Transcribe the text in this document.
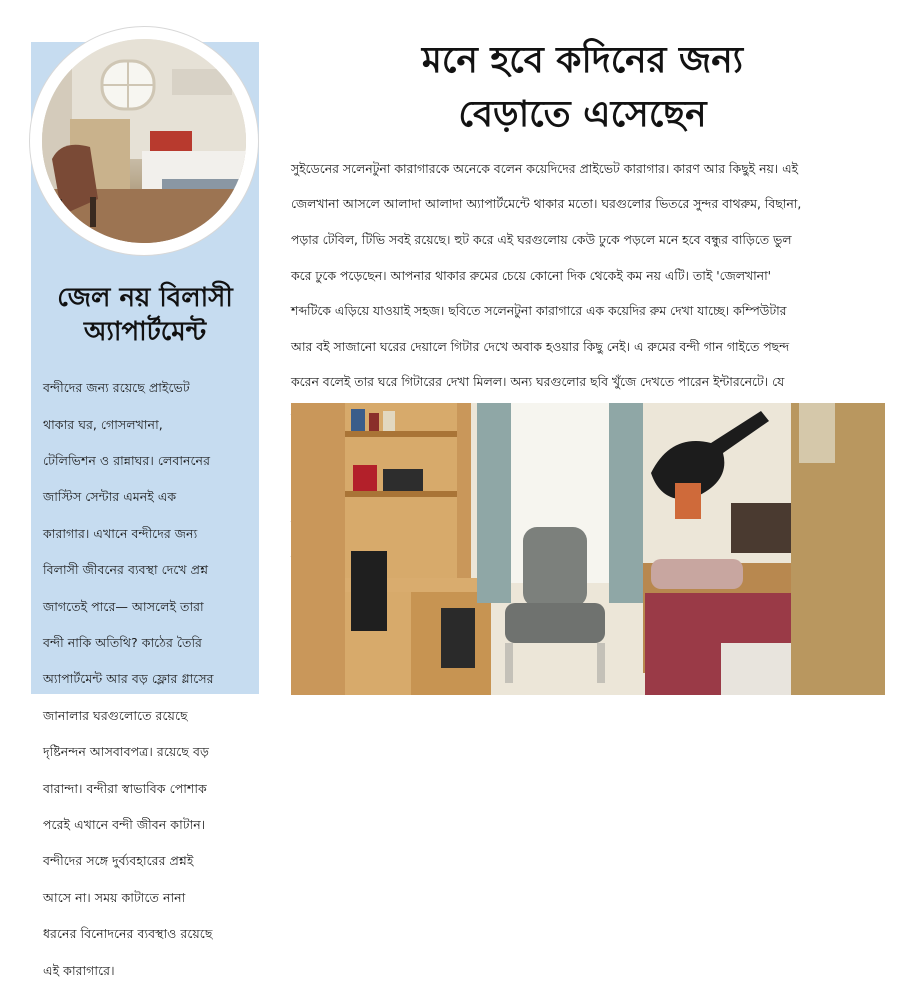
জেল নয় বিলাসী
অ্যাপার্টমেন্ট

বন্দীদের জন্য রয়েছে প্রাইভেট

থাকার ঘর, গোসলখানা,

টেলিভিশন ও রান্নাঘর। লেবাননের

জাস্টিস সেন্টার এমনই এক

কারাগার। এখানে বন্দীদের জন্য

বিলাসী জীবনের ব্যবস্থা দেখে প্রশ্ন

জাগতেই পারে— আসলেই তারা

বন্দী নাকি অতিথি? কাঠের তৈরি

অ্যাপার্টমেন্ট আর বড় ফ্লোর গ্লাসের

জানালার ঘরগুলোতে রয়েছে

দৃষ্টিনন্দন আসবাবপত্র। রয়েছে বড়

বারান্দা। বন্দীরা স্বাভাবিক পোশাক

পরেই এখানে বন্দী জীবন কাটান।

বন্দীদের সঙ্গে দুর্ব্যবহারের প্রশ্নই

আসে না। সময় কাটাতে নানা

ধরনের বিনোদনের ব্যবস্থাও রয়েছে

এই কারাগারে।

মনে হবে কদিনের জন্য
বেড়াতে এসেছেন

সুইডেনের সলেনটুনা কারাগারকে অনেকে বলেন কয়েদিদের প্রাইভেট কারাগার। কারণ আর কিছুই নয়। এই

জেলখানা আসলে আলাদা আলাদা অ্যাপার্টমেন্টে থাকার মতো। ঘরগুলোর ভিতরে সুন্দর বাথরুম, বিছানা,

পড়ার টেবিল, টিভি সবই রয়েছে। হুট করে এই ঘরগুলোয় কেউ ঢুকে পড়লে মনে হবে বন্ধুর বাড়িতে ভুল

করে ঢুকে পড়েছেন। আপনার থাকার রুমের চেয়ে কোনো দিক থেকেই কম নয় এটি। তাই 'জেলখানা'

শব্দটিকে এড়িয়ে যাওয়াই সহজ। ছবিতে সলেনটুনা কারাগারে এক কয়েদির রুম দেখা যাচ্ছে। কম্পিউটার

আর বই সাজানো ঘরের দেয়ালে গিটার দেখে অবাক হওয়ার কিছু নেই। এ রুমের বন্দী গান গাইতে পছন্দ

করেন বলেই তার ঘরে গিটারের দেখা মিলল। অন্য ঘরগুলোর ছবি খুঁজে দেখতে পারেন ইন্টারনেটে। যে
